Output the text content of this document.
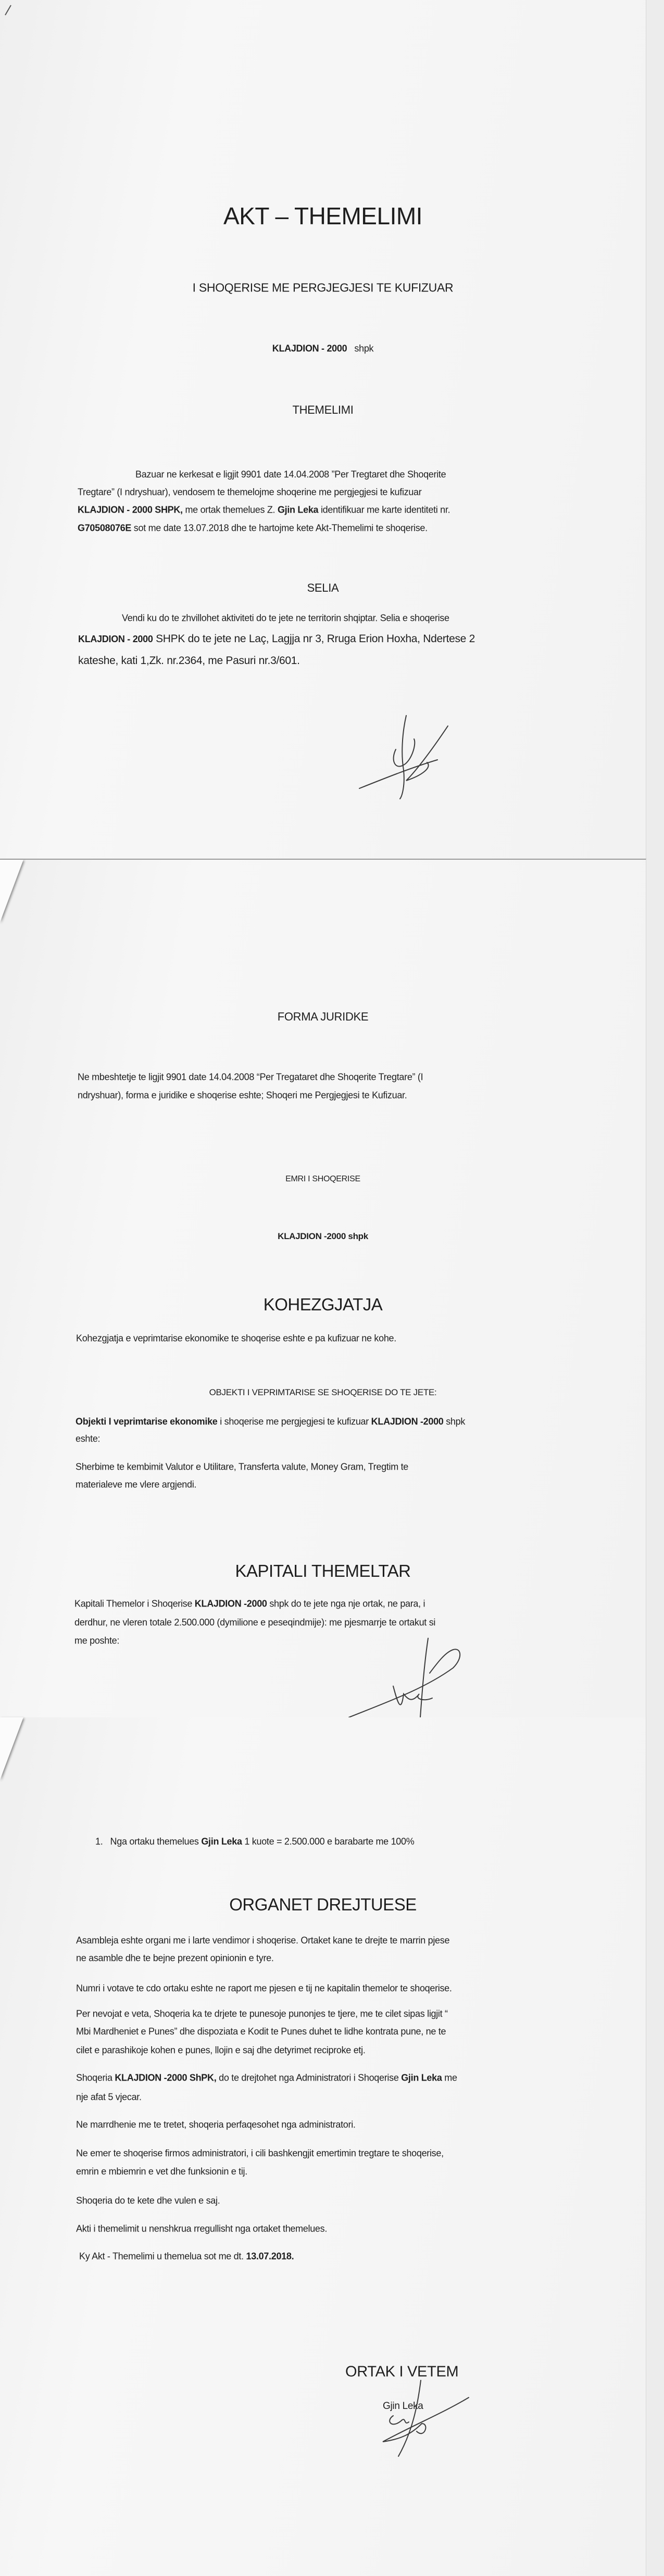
AKT – THEMELIMI
I SHOQERISE ME PERGJEGJESI TE KUFIZUAR
KLAJDION - 2000 shpk
THEMELIMI
Bazuar ne kerkesat e ligjit 9901 date 14.04.2008 ”Per Tregtaret dhe Shoqerite
Tregtare” (I ndryshuar), vendosem te themelojme shoqerine me pergjegjesi te kufizuar
KLAJDION - 2000 SHPK, me ortak themelues Z. Gjin Leka identifikuar me karte identiteti nr.
G70508076E sot me date 13.07.2018 dhe te hartojme kete Akt-Themelimi te shoqerise.
SELIA
Vendi ku do te zhvillohet aktiviteti do te jete ne territorin shqiptar. Selia e shoqerise
KLAJDION - 2000 SHPK do te jete ne Laç, Lagjja nr 3, Rruga Erion Hoxha, Ndertese 2
kateshe, kati 1,Zk. nr.2364, me Pasuri nr.3/601.
FORMA JURIDKE
Ne mbeshtetje te ligjit 9901 date 14.04.2008 “Per Tregataret dhe Shoqerite Tregtare” (I
ndryshuar), forma e juridike e shoqerise eshte; Shoqeri me Pergjegjesi te Kufizuar.
EMRI I SHOQERISE
KLAJDION -2000 shpk
KOHEZGJATJA
Kohezgjatja e veprimtarise ekonomike te shoqerise eshte e pa kufizuar ne kohe.
OBJEKTI I VEPRIMTARISE SE SHOQERISE DO TE JETE:
Objekti I veprimtarise ekonomike i shoqerise me pergjegjesi te kufizuar KLAJDION -2000 shpk
eshte:
Sherbime te kembimit Valutor e Utilitare, Transferta valute, Money Gram, Tregtim te
materialeve me vlere argjendi.
KAPITALI THEMELTAR
Kapitali Themelor i Shoqerise KLAJDION -2000 shpk do te jete nga nje ortak, ne para, i
derdhur, ne vleren totale 2.500.000 (dymilione e peseqindmije): me pjesmarrje te ortakut si
me poshte:
1. Nga ortaku themelues Gjin Leka 1 kuote = 2.500.000 e barabarte me 100%
ORGANET DREJTUESE
Asambleja eshte organi me i larte vendimor i shoqerise. Ortaket kane te drejte te marrin pjese
ne asamble dhe te bejne prezent opinionin e tyre.
Numri i votave te cdo ortaku eshte ne raport me pjesen e tij ne kapitalin themelor te shoqerise.
Per nevojat e veta, Shoqeria ka te drjete te punesoje punonjes te tjere, me te cilet sipas ligjit “
Mbi Mardheniet e Punes” dhe dispoziata e Kodit te Punes duhet te lidhe kontrata pune, ne te
cilet e parashikoje kohen e punes, llojin e saj dhe detyrimet reciproke etj.
Shoqeria KLAJDION -2000 ShPK, do te drejtohet nga Administratori i Shoqerise Gjin Leka me
nje afat 5 vjecar.
Ne marrdhenie me te tretet, shoqeria perfaqesohet nga administratori.
Ne emer te shoqerise firmos administratori, i cili bashkengjit emertimin tregtare te shoqerise,
emrin e mbiemrin e vet dhe funksionin e tij.
Shoqeria do te kete dhe vulen e saj.
Akti i themelimit u nenshkrua rregullisht nga ortaket themelues.
Ky Akt - Themelimi u themelua sot me dt. 13.07.2018.
ORTAK I VETEM
Gjin Leka
